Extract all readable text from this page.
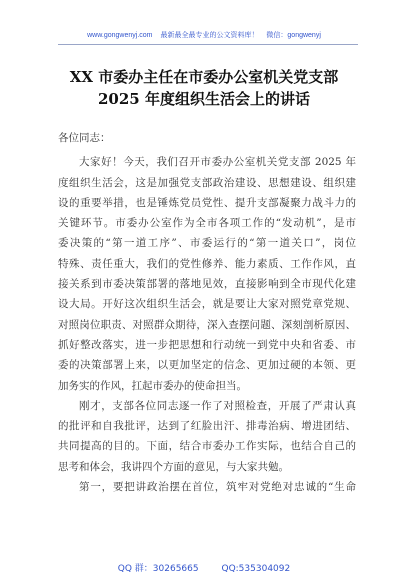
www.gongwenyj.com 最新最全最专业的公文资料库！ 微信：gongwenyj
XX 市委办主任在市委办公室机关党支部
2025 年度组织生活会上的讲话
各位同志：
大家好！今天，我们召开市委办公室机关党支部 2025 年
度组织生活会，这是加强党支部政治建设、思想建设、组织建
设的重要举措，也是锤炼党员党性、提升支部凝聚力战斗力的
关键环节。市委办公室作为全市各项工作的“发动机”，是市
委决策的“第一道工序”、市委运行的“第一道关口”，岗位
特殊、责任重大，我们的党性修养、能力素质、工作作风，直
接关系到市委决策部署的落地见效，直接影响到全市现代化建
设大局。开好这次组织生活会，就是要让大家对照党章党规、
对照岗位职责、对照群众期待，深入查摆问题、深刻剖析原因、
抓好整改落实，进一步把思想和行动统一到党中央和省委、市
委的决策部署上来，以更加坚定的信念、更加过硬的本领、更
加务实的作风，扛起市委办的使命担当。
刚才，支部各位同志逐一作了对照检查，开展了严肃认真
的批评和自我批评，达到了红脸出汗、排毒治病、增进团结、
共同提高的目的。下面，结合市委办工作实际，也结合自己的
思考和体会，我讲四个方面的意见，与大家共勉。
第一，要把讲政治摆在首位，筑牢对党绝对忠诚的“生命
QQ 群：30265665	QQ:535304092
